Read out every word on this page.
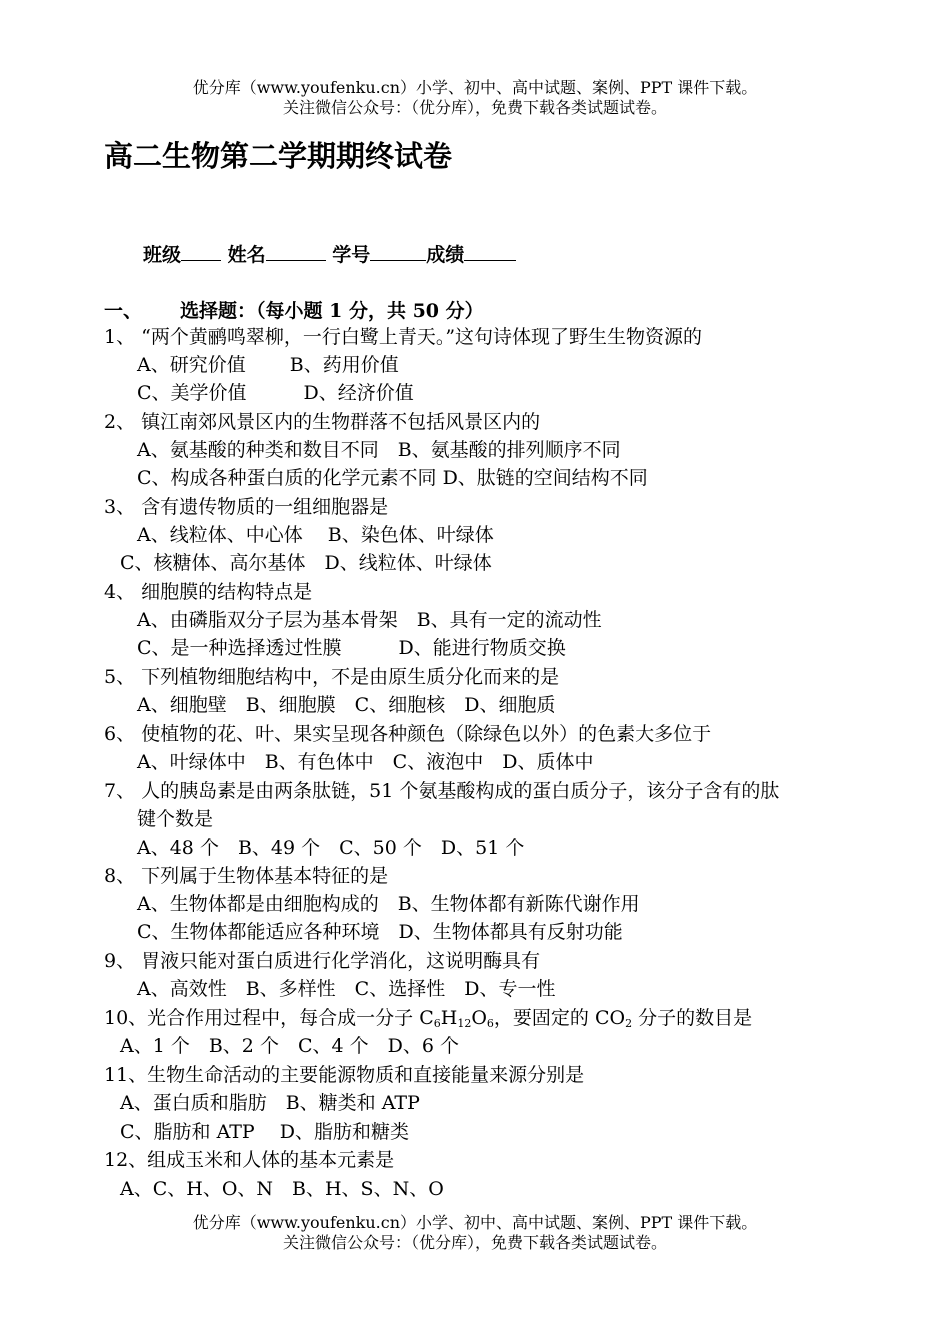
优分库（www.youfenku.cn）小学、初中、高中试题、案例、PPT 课件下载。
关注微信公众号：（优分库），免费下载各类试题试卷。
高二生物第二学期期终试卷
班级 姓名	学号	成绩
一、 选择题：（每小题 1 分，共 50 分）
1、 “两个黄鹂鸣翠柳，一行白鹭上青天。”这句诗体现了野生生物资源的
A、研究价值　　 B、药用价值
C、美学价值　　　D、经济价值
2、 镇江南郊风景区内的生物群落不包括风景区内的
A、氨基酸的种类和数目不同　B、氨基酸的排列顺序不同
C、构成各种蛋白质的化学元素不同 D、肽链的空间结构不同
3、 含有遗传物质的一组细胞器是
A、线粒体、中心体　 B、染色体、叶绿体
C、核糖体、高尔基体　D、线粒体、叶绿体
4、 细胞膜的结构特点是
A、由磷脂双分子层为基本骨架　B、具有一定的流动性
C、是一种选择透过性膜　　　D、能进行物质交换
5、 下列植物细胞结构中，不是由原生质分化而来的是
A、细胞壁　B、细胞膜　C、细胞核　D、细胞质
6、 使植物的花、叶、果实呈现各种颜色（除绿色以外）的色素大多位于
A、叶绿体中　B、有色体中　C、液泡中　D、质体中
7、 人的胰岛素是由两条肽链，51 个氨基酸构成的蛋白质分子，该分子含有的肽
键个数是
A、48 个　B、49 个　C、50 个　D、51 个
8、 下列属于生物体基本特征的是
A、生物体都是由细胞构成的　B、生物体都有新陈代谢作用
C、生物体都能适应各种环境　D、生物体都具有反射功能
9、 胃液只能对蛋白质进行化学消化，这说明酶具有
A、高效性　B、多样性　C、选择性　D、专一性
10、光合作用过程中，每合成一分子 $C_6H_{12}O_6$，要固定的 $CO_2$ 分子的数目是
A、1 个　B、2 个　C、4 个　D、6 个
11、生物生命活动的主要能源物质和直接能量来源分别是
A、蛋白质和脂肪　B、糖类和 ATP
C、脂肪和 ATP　 D、脂肪和糖类
12、组成玉米和人体的基本元素是
A、C、H、O、N　B、H、S、N、O
优分库（www.youfenku.cn）小学、初中、高中试题、案例、PPT 课件下载。
关注微信公众号：（优分库），免费下载各类试题试卷。
